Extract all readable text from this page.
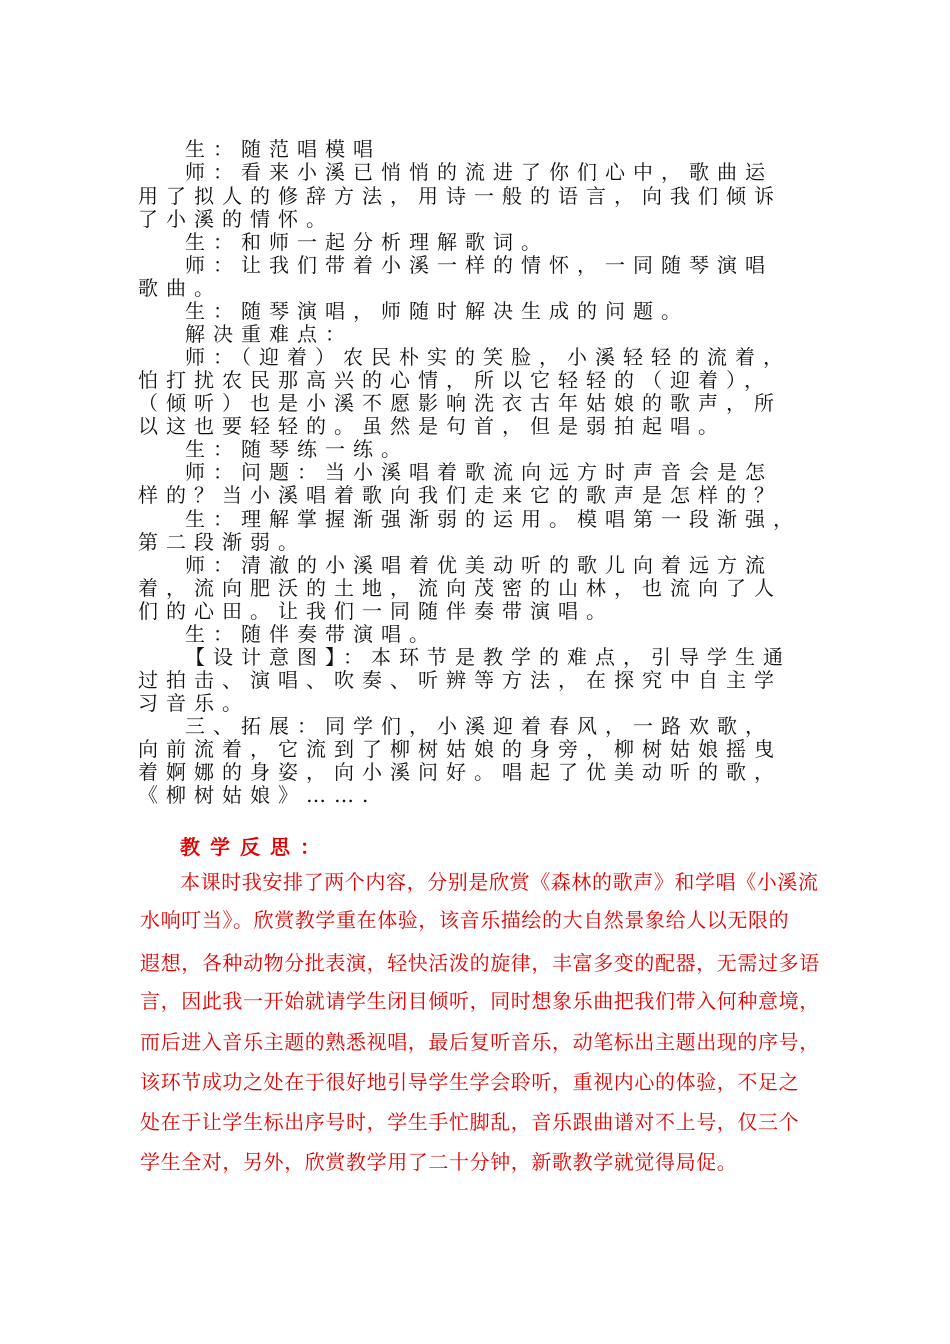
生：随范唱模唱
师：看来小溪已悄悄的流进了你们心中，歌曲运
用了拟人的修辞方法，用诗一般的语言，向我们倾诉
了小溪的情怀。
生：和师一起分析理解歌词。
师：让我们带着小溪一样的情怀，一同随琴演唱
歌曲。
生：随琴演唱，师随时解决生成的问题。
解决重难点：
师：（迎着）农民朴实的笑脸，小溪轻轻的流着，
怕打扰农民那高兴的心情，所以它轻轻的（迎着），
（倾听）也是小溪不愿影响洗衣古年姑娘的歌声，所
以这也要轻轻的。虽然是句首，但是弱拍起唱。
生：随琴练一练。
师：问题：当小溪唱着歌流向远方时声音会是怎
样的？当小溪唱着歌向我们走来它的歌声是怎样的？
生：理解掌握渐强渐弱的运用。模唱第一段渐强，
第二段渐弱。
师：清澈的小溪唱着优美动听的歌儿向着远方流
着，流向肥沃的土地，流向茂密的山林，也流向了人
们的心田。让我们一同随伴奏带演唱。
生：随伴奏带演唱。
【设计意图】：本环节是教学的难点，引导学生通
过拍击、演唱、吹奏、听辨等方法，在探究中自主学
习音乐。
三、拓展：同学们，小溪迎着春风，一路欢歌，
向前流着，它流到了柳树姑娘的身旁，柳树姑娘摇曳
着婀娜的身姿，向小溪问好。唱起了优美动听的歌，
《柳树姑娘》…….
教学反思：
本课时我安排了两个内容，分别是欣赏《森林的歌声》和学唱《小溪流
水响叮当》。欣赏教学重在体验，该音乐描绘的大自然景象给人以无限的
遐想，各种动物分批表演，轻快活泼的旋律，丰富多变的配器，无需过多语
言，因此我一开始就请学生闭目倾听，同时想象乐曲把我们带入何种意境，
而后进入音乐主题的熟悉视唱，最后复听音乐，动笔标出主题出现的序号，
该环节成功之处在于很好地引导学生学会聆听，重视内心的体验，不足之
处在于让学生标出序号时，学生手忙脚乱，音乐跟曲谱对不上号，仅三个
学生全对，另外，欣赏教学用了二十分钟，新歌教学就觉得局促。
